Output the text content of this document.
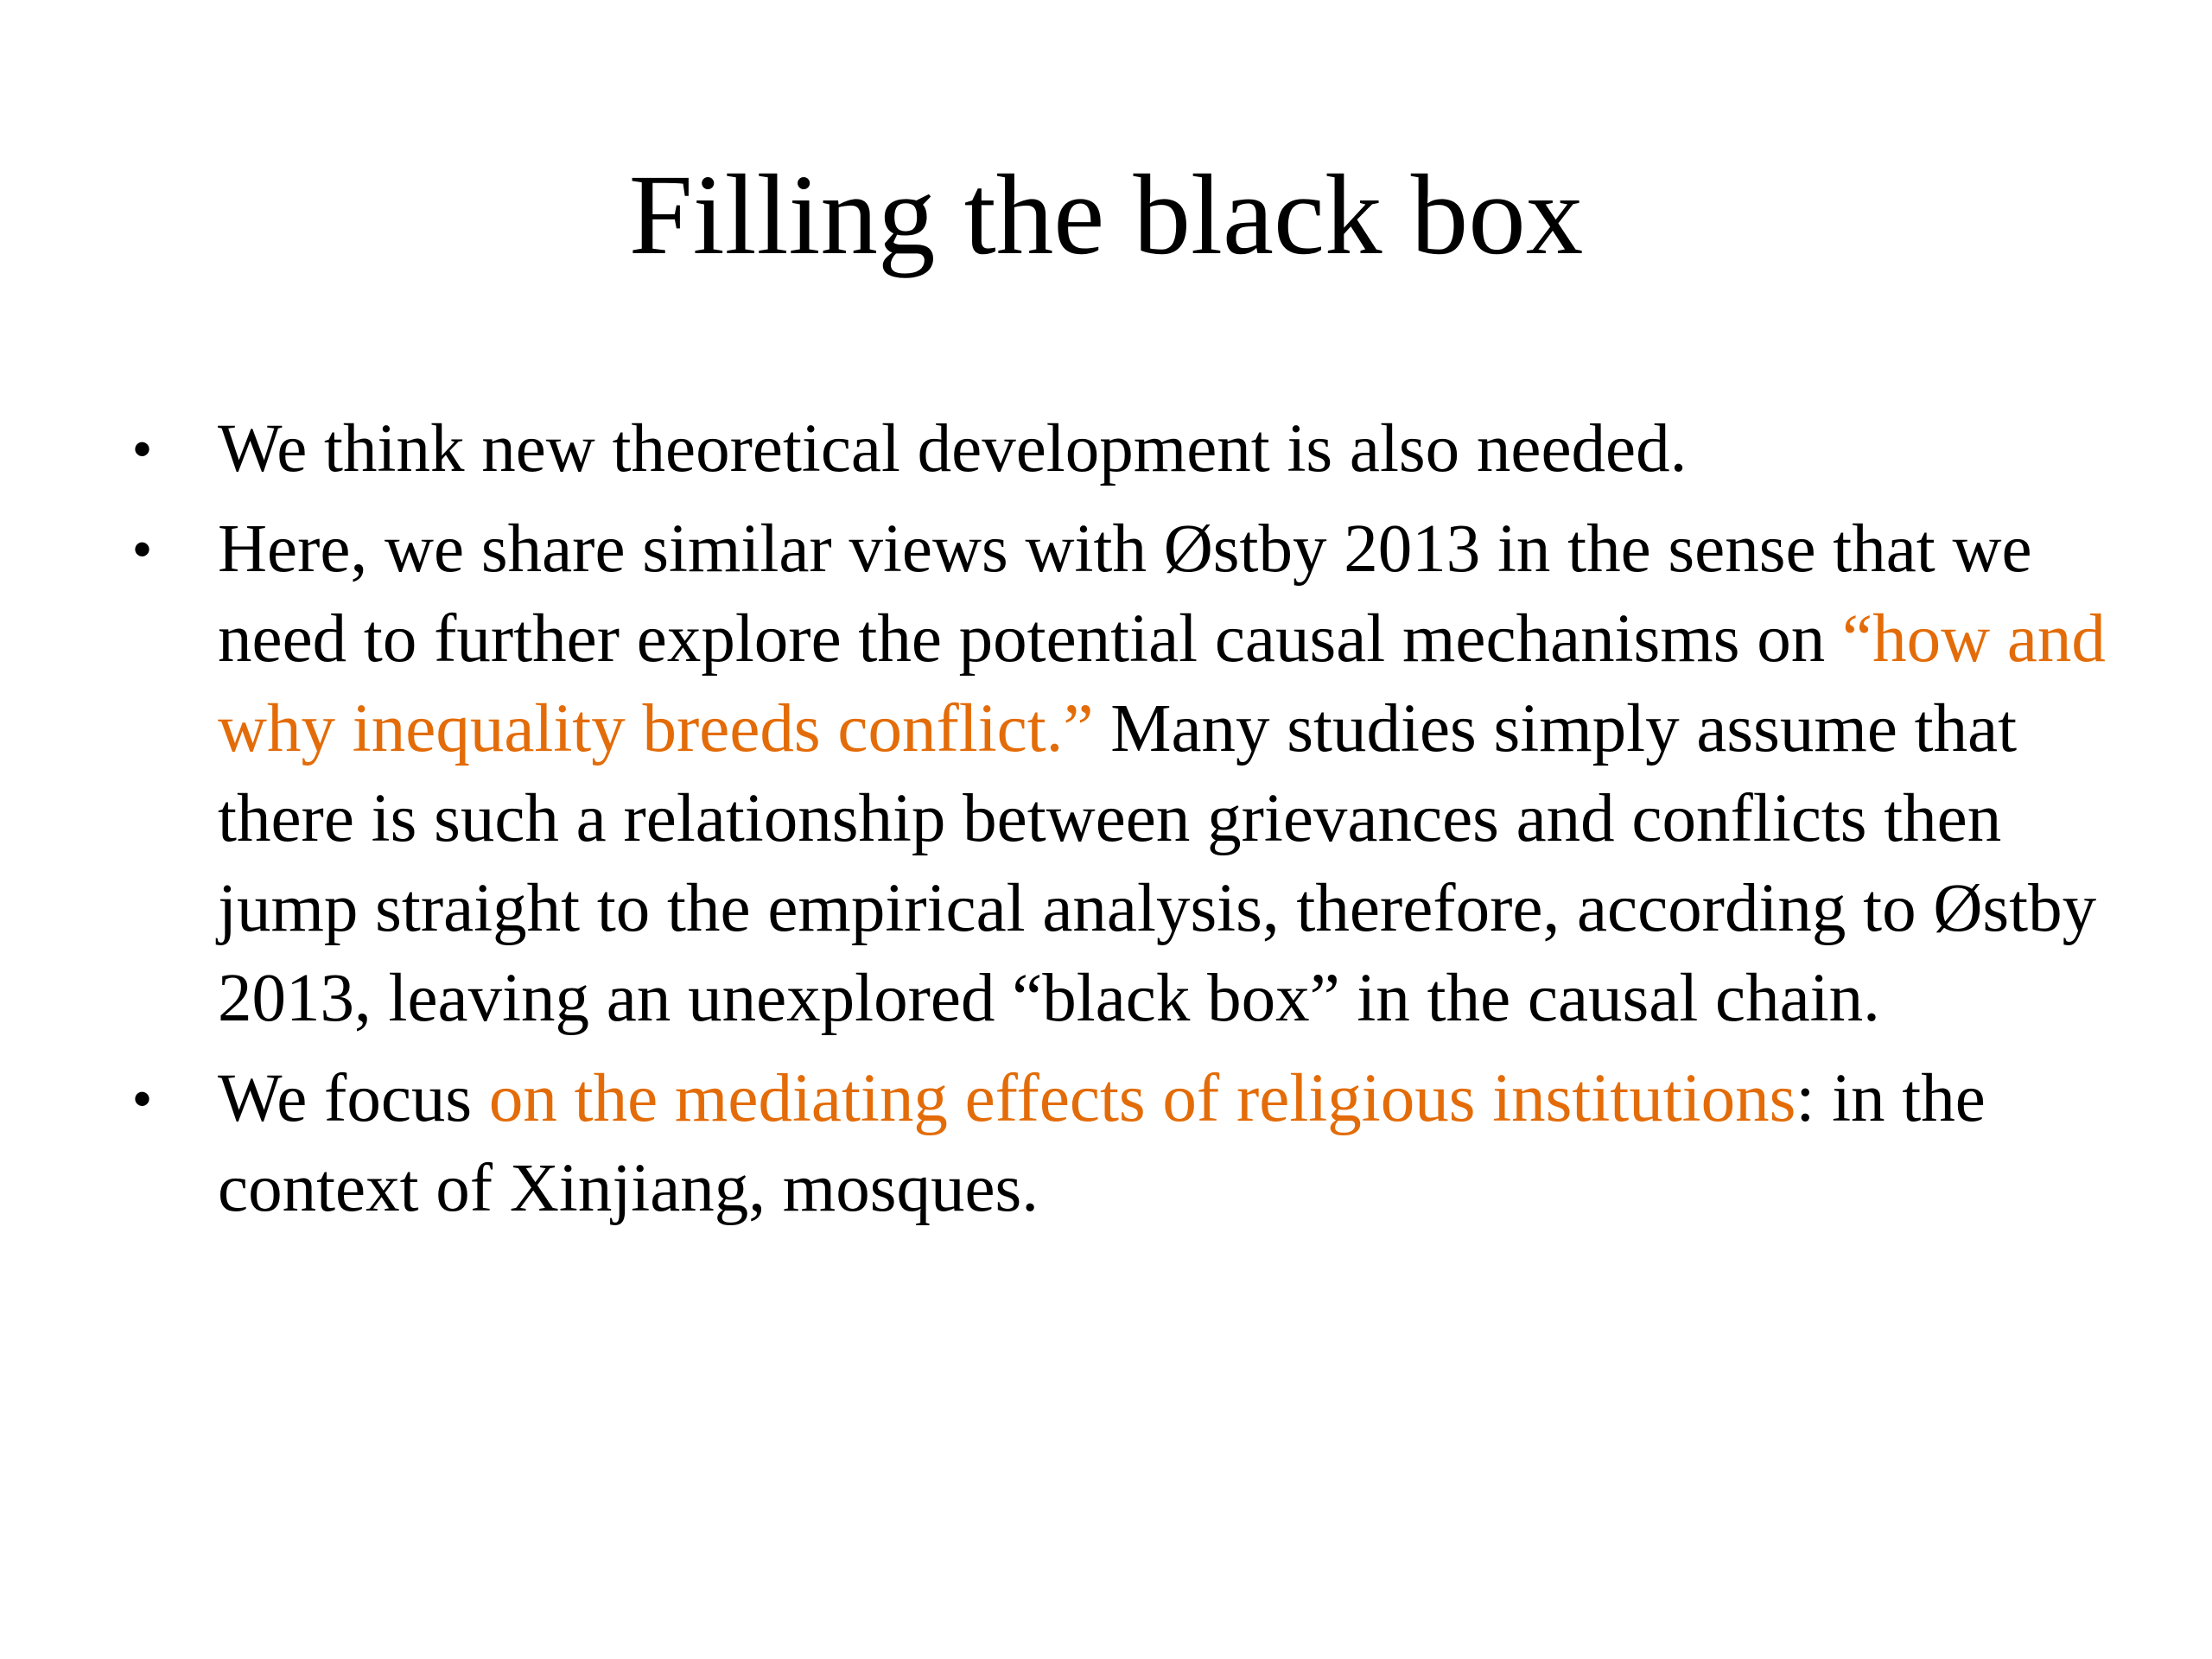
Filling the black box
• We think new theoretical development is also needed.
• Here, we share similar views with Østby 2013 in the sense that we need to further explore the potential causal mechanisms on “how and why inequality breeds conflict.” Many studies simply assume that there is such a relationship between grievances and conflicts then jump straight to the empirical analysis, therefore, according to Østby 2013, leaving an unexplored “black box” in the causal chain.
• We focus on the mediating effects of religious institutions: in the context of Xinjiang, mosques.
